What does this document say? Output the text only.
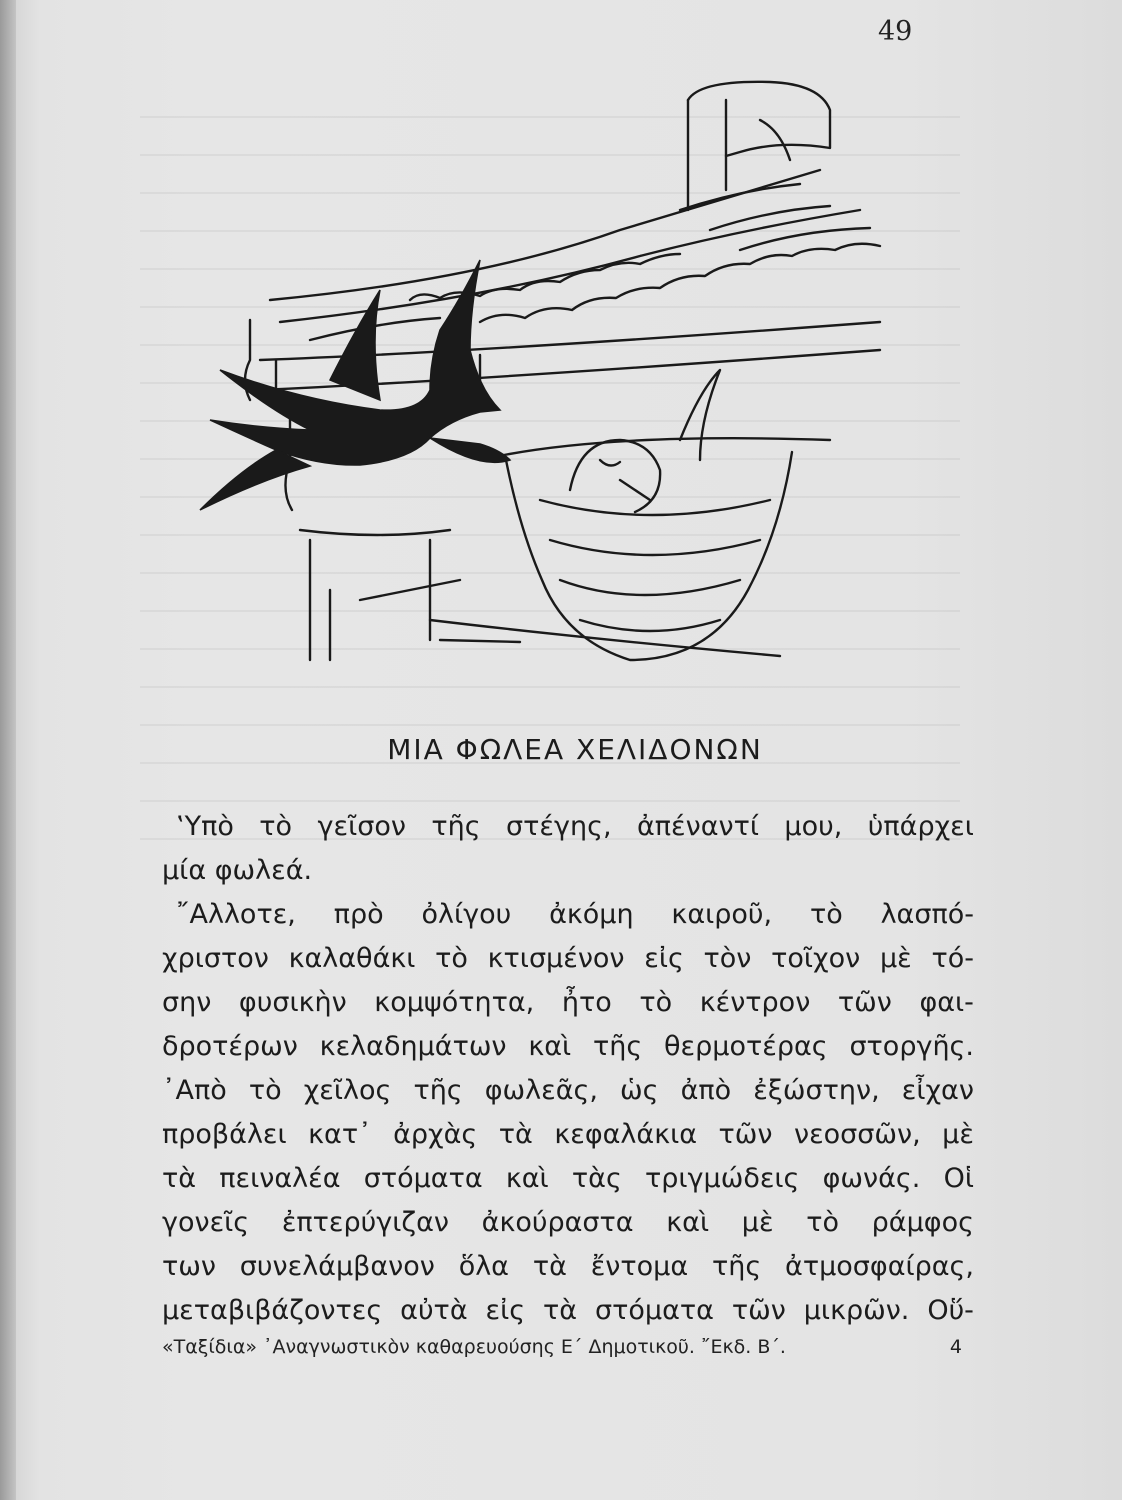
49
ΜΙΑ ΦΩΛΕΑ ΧΕΛΙΔΟΝΩΝ
‛Υπὸ τὸ γεῖσον τῆς στέγης, ἀπέναντί μου, ὑπάρχει
μία φωλεά.
῎Αλλοτε, πρὸ ὀλίγου ἀκόμη καιροῦ, τὸ λασπό-
χριστον καλαθάκι τὸ κτισμένον εἰς τὸν τοῖχον μὲ τό-
σην φυσικὴν κομψότητα, ἦτο τὸ κέντρον τῶν φαι-
δροτέρων κελαδημάτων καὶ τῆς θερμοτέρας στοργῆς.
᾿Απὸ τὸ χεῖλος τῆς φωλεᾶς, ὡς ἀπὸ ἐξώστην, εἶχαν
προβάλει κατ᾿ ἀρχὰς τὰ κεφαλάκια τῶν νεοσσῶν, μὲ
τὰ πειναλέα στόματα καὶ τὰς τριγμώδεις φωνάς. Οἱ
γονεῖς ἐπτερύγιζαν ἀκούραστα καὶ μὲ τὸ ράμφος
των συνελάμβανον ὅλα τὰ ἔντομα τῆς ἀτμοσφαίρας,
μεταβιβάζοντες αὐτὰ εἰς τὰ στόματα τῶν μικρῶν. Οὕ-
«Ταξίδια» ᾿Αναγνωστικὸν καθαρευούσης Ε΄ Δημοτικοῦ. ῎Εκδ. Β΄.	4
